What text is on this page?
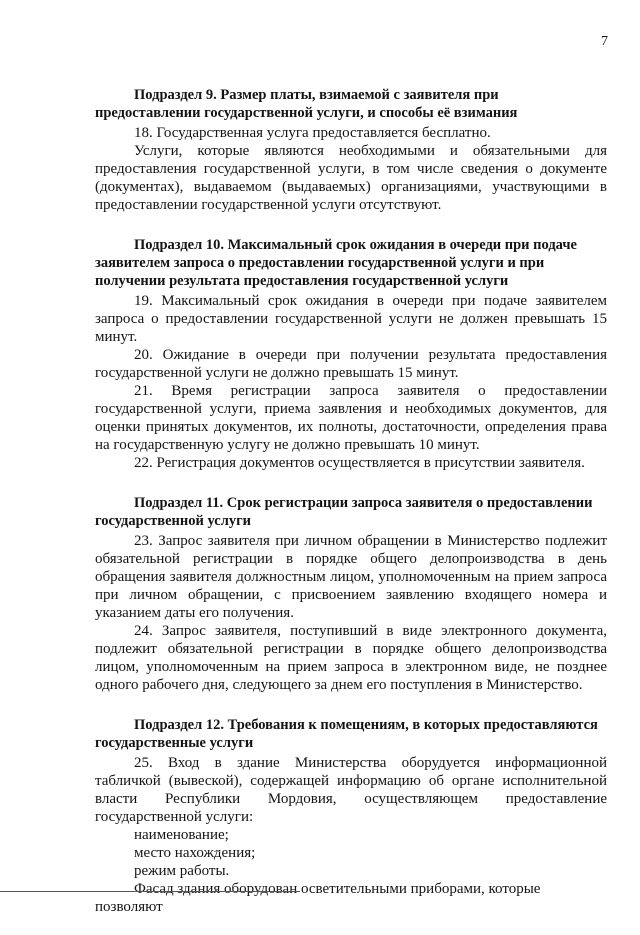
7
Подраздел 9. Размер платы, взимаемой с заявителя при
предоставлении государственной услуги, и способы её взимания

18. Государственная услуга предоставляется бесплатно.

Услуги, которые являются необходимыми и обязательными для предоставления государственной услуги, в том числе сведения о документе (документах), выдаваемом (выдаваемых) организациями, участвующими в предоставлении государственной услуги отсутствуют.

Подраздел 10. Максимальный срок ожидания в очереди при подаче
заявителем запроса о предоставлении государственной услуги и при получении результата предоставления государственной услуги

19. Максимальный срок ожидания в очереди при подаче заявителем запроса о предоставлении государственной услуги не должен превышать 15 минут.

20. Ожидание в очереди при получении результата предоставления государственной услуги не должно превышать 15 минут.

21. Время регистрации запроса заявителя о предоставлении государственной услуги, приема заявления и необходимых документов, для оценки принятых документов, их полноты, достаточности, определения права на государственную услугу не должно превышать 10 минут.

22. Регистрация документов осуществляется в присутствии заявителя.

Подраздел 11. Срок регистрации запроса заявителя о предоставлении
государственной услуги

23. Запрос заявителя при личном обращении в Министерство подлежит обязательной регистрации в порядке общего делопроизводства в день обращения заявителя должностным лицом, уполномоченным на прием запроса при личном обращении, с присвоением заявлению входящего номера и указанием даты его получения.

24. Запрос заявителя, поступивший в виде электронного документа, подлежит обязательной регистрации в порядке общего делопроизводства лицом, уполномоченным на прием запроса в электронном виде, не позднее одного рабочего дня, следующего за днем его поступления в Министерство.

Подраздел 12. Требования к помещениям, в которых предоставляются
государственные услуги

25. Вход в здание Министерства оборудуется информационной табличкой (вывеской), содержащей информацию об органе исполнительной власти Республики Мордовия, осуществляющем предоставление государственной услуги:

наименование;
место нахождения;
режим работы.

Фасад здания оборудован осветительными приборами, которые позволяют
